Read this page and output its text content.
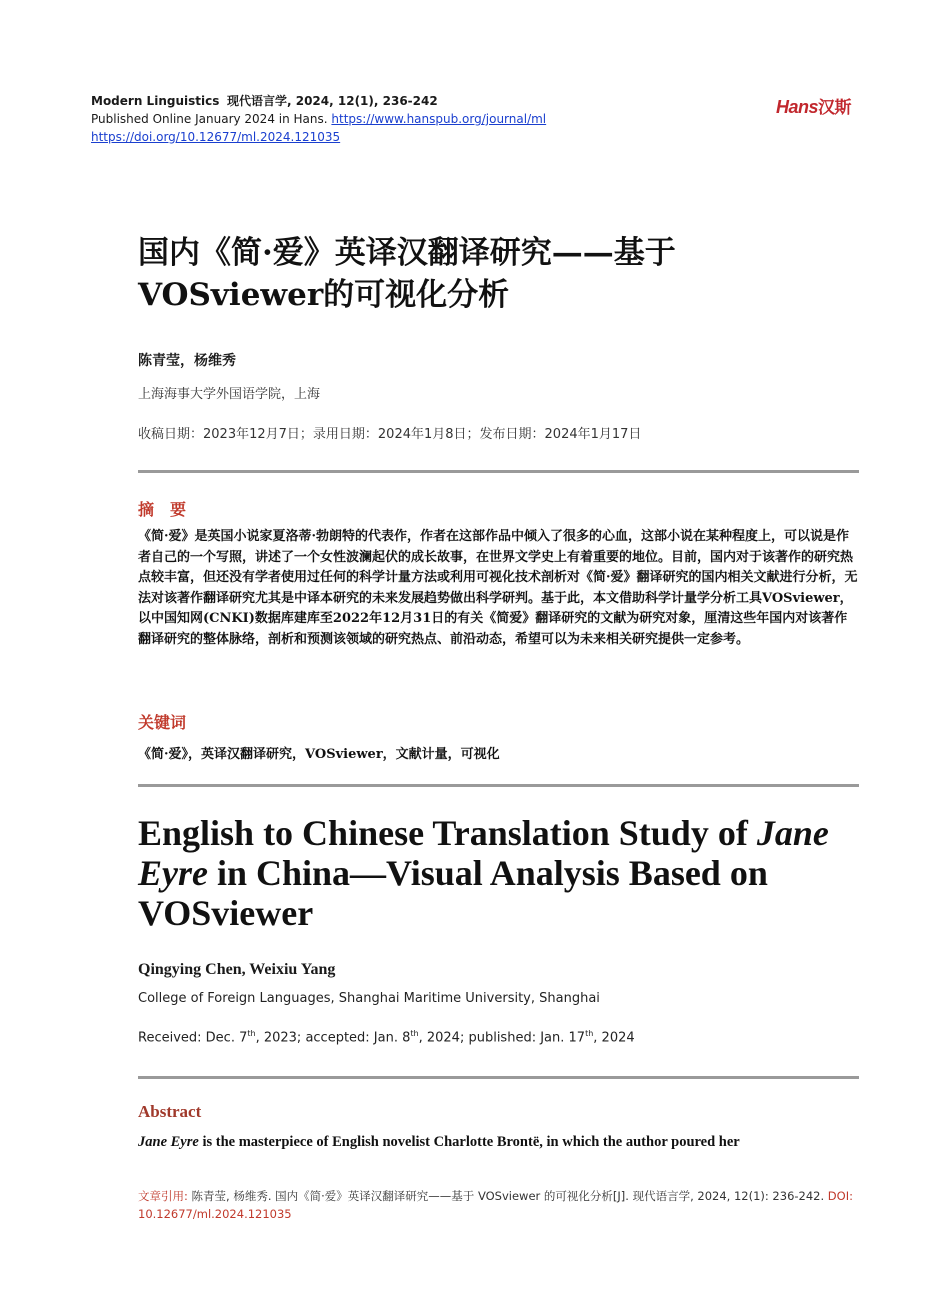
Modern Linguistics 现代语言学, 2024, 12(1), 236-242
Published Online January 2024 in Hans. https://www.hanspub.org/journal/ml
https://doi.org/10.12677/ml.2024.121035
Hans汉斯
国内《简·爱》英译汉翻译研究——基于
VOSviewer的可视化分析
陈青莹，杨维秀
上海海事大学外国语学院，上海
收稿日期：2023年12月7日；录用日期：2024年1月8日；发布日期：2024年1月17日
摘　要
《简·爱》是英国小说家夏洛蒂·勃朗特的代表作，作者在这部作品中倾入了很多的心血，这部小说在某种程度上，可以说是作者自己的一个写照，讲述了一个女性波澜起伏的成长故事，在世界文学史上有着重要的地位。目前，国内对于该著作的研究热点较丰富，但还没有学者使用过任何的科学计量方法或利用可视化技术剖析对《简·爱》翻译研究的国内相关文献进行分析，无法对该著作翻译研究尤其是中译本研究的未来发展趋势做出科学研判。基于此，本文借助科学计量学分析工具VOSviewer，以中国知网(CNKI)数据库建库至2022年12月31日的有关《简爱》翻译研究的文献为研究对象，厘清这些年国内对该著作翻译研究的整体脉络，剖析和预测该领域的研究热点、前沿动态，希望可以为未来相关研究提供一定参考。
关键词
《简·爱》，英译汉翻译研究，VOSviewer，文献计量，可视化
English to Chinese Translation Study of Jane
Eyre in China—Visual Analysis Based on
VOSviewer
Qingying Chen, Weixiu Yang
College of Foreign Languages, Shanghai Maritime University, Shanghai
Received: Dec. 7th, 2023; accepted: Jan. 8th, 2024; published: Jan. 17th, 2024
Abstract
Jane Eyre is the masterpiece of English novelist Charlotte Brontë, in which the author poured her
文章引用: 陈青莹, 杨维秀. 国内《简·爱》英译汉翻译研究——基于 VOSviewer 的可视化分析[J]. 现代语言学, 2024, 12(1): 236-242. DOI: 10.12677/ml.2024.121035
